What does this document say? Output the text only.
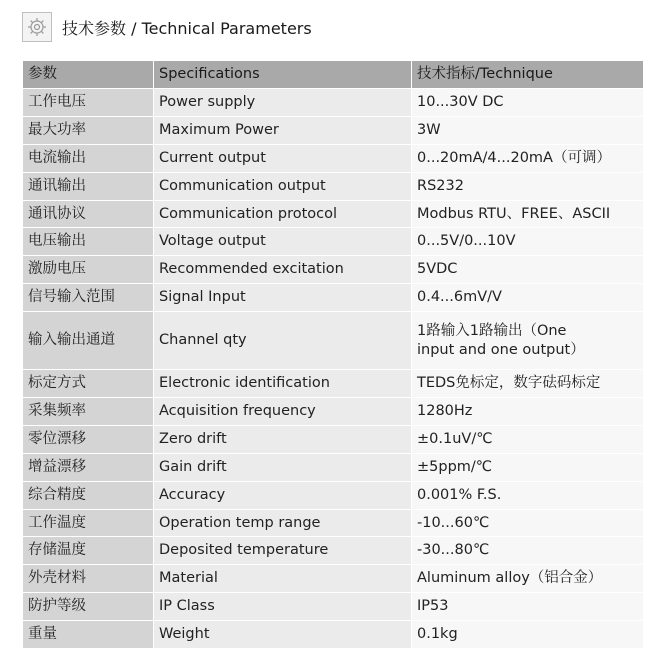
技术参数 / Technical Parameters
参数	Specifications	技术指标/Technique
工作电压	Power supply	10...30V DC
最大功率	Maximum Power	3W
电流输出	Current output	0...20mA/4...20mA（可调）
通讯输出	Communication output	RS232
通讯协议	Communication protocol	Modbus RTU、FREE、ASCII
电压输出	Voltage output	0...5V/0...10V
激励电压	Recommended excitation	5VDC
信号输入范围	Signal Input	0.4...6mV/V
输入输出通道	Channel qty	1路输入1路输出（One
input and one output）
标定方式	Electronic identification	TEDS免标定，数字砝码标定
采集频率	Acquisition frequency	1280Hz
零位漂移	Zero drift	±0.1uV/℃
增益漂移	Gain drift	±5ppm/℃
综合精度	Accuracy	0.001% F.S.
工作温度	Operation temp range	-10...60℃
存储温度	Deposited temperature	-30...80℃
外壳材料	Material	Aluminum alloy（铝合金）
防护等级	IP Class	IP53
重量	Weight	0.1kg
